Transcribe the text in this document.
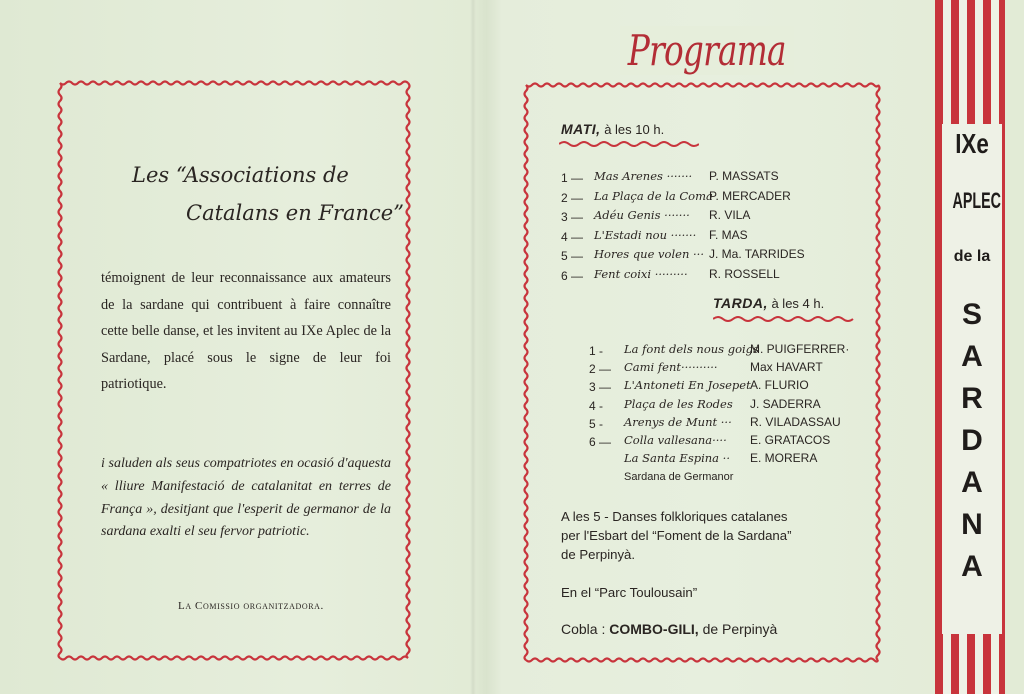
Les “Associations de
Catalans en France”
témoignent de leur reconnaissance aux amateurs de la sardane qui contribuent à faire connaître cette belle danse, et les invitent au IXe Aplec de la Sardane, placé sous le signe de leur foi patriotique.
i saluden als seus compatriotes en ocasió d'aquesta « lliure Manifestació de catalanitat en terres de França », desitjant que l'esperit de germanor de la sardana exalti el seu fervor patriotic.
La Comissio organitzadora.
Programa
MATI, à les 10 h.
1 — Mas Arenes ······· P. MASSATS
2 — La Plaça de la Coma
P. MERCADER
3 — Adéu Genis ······· R. VILA
4 — L'Estadi nou ······· F. MAS
5 — Hores que volen ··· J. Ma. TARRIDES
6 — Fent coixi ········· R. ROSSELL
TARDA, à les 4 h.
1 - La font dels nous goigs
M. PUIGFERRER·
2 — Cami fent··········	Max HAVART
3 — L'Antoneti En Josepet A. FLURIO
4 - Plaça de les Rodes J. SADERRA
5 - Arenys de Munt ··· R. VILADASSAU
6 — Colla vallesana···· E. GRATACOS
La Santa Espina ·· E. MORERA
Sardana de Germanor
A les 5 - Danses folkloriques catalanes
per l'Esbart del “Foment de la Sardana”
de Perpinyà.
En el “Parc Toulousain”
Cobla : COMBO-GILI, de Perpinyà
IXe
APLEC
de la
S
A
R
D
A
N
A
